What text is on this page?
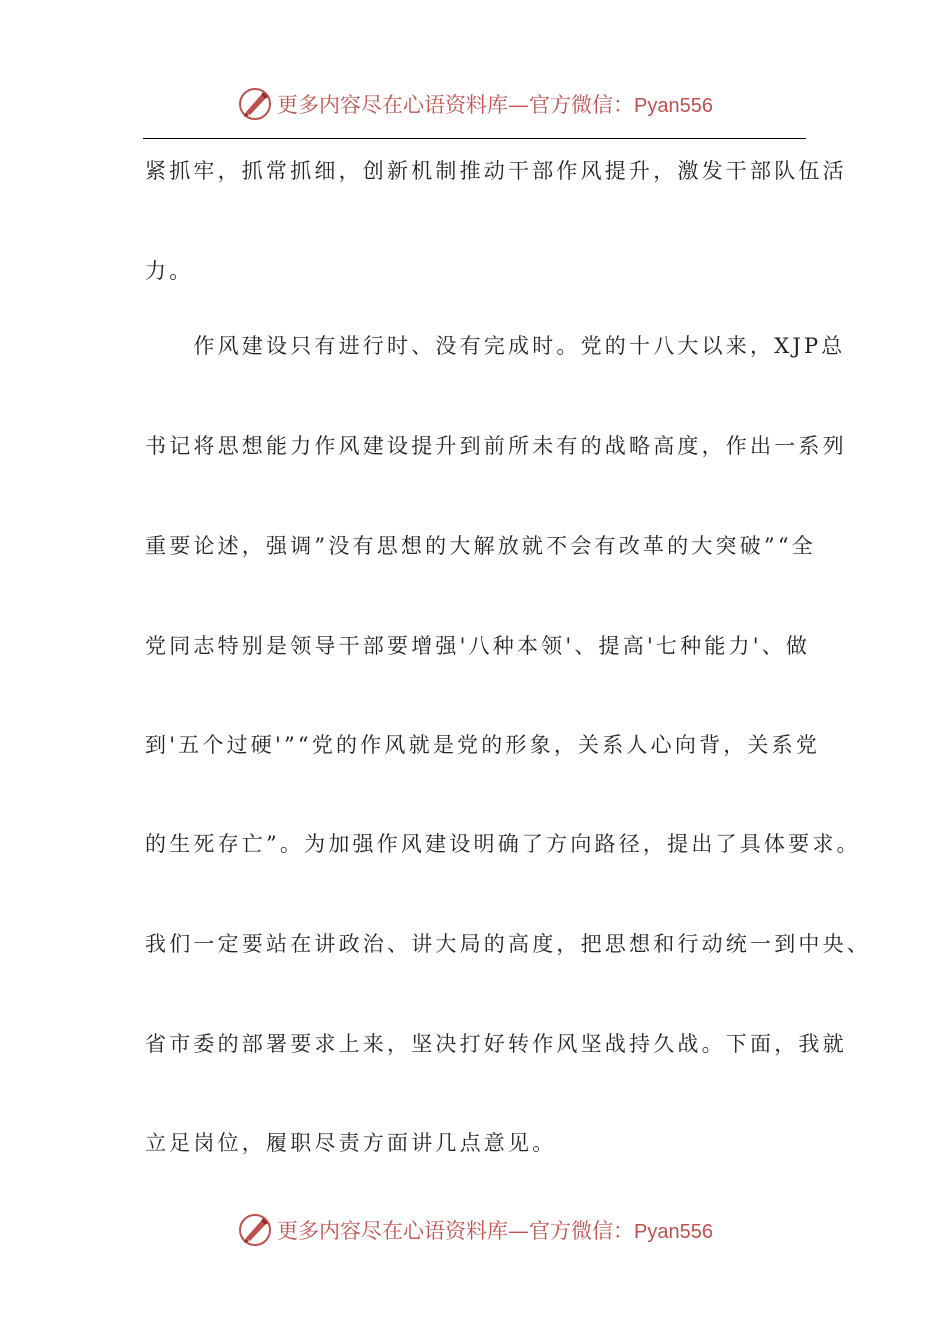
更多内容尽在心语资料库—官方微信：Pyan556
紧抓牢，抓常抓细，创新机制推动干部作风提升，激发干部队伍活
力。
　　作风建设只有进行时、没有完成时。党的十八大以来，XJP总
书记将思想能力作风建设提升到前所未有的战略高度，作出一系列
重要论述，强调”没有思想的大解放就不会有改革的大突破”“全
党同志特别是领导干部要增强'八种本领'、提高'七种能力'、做
到'五个过硬'”“党的作风就是党的形象，关系人心向背，关系党
的生死存亡”。为加强作风建设明确了方向路径，提出了具体要求。
我们一定要站在讲政治、讲大局的高度，把思想和行动统一到中央、
省市委的部署要求上来，坚决打好转作风坚战持久战。下面，我就
立足岗位，履职尽责方面讲几点意见。
更多内容尽在心语资料库—官方微信：Pyan556
